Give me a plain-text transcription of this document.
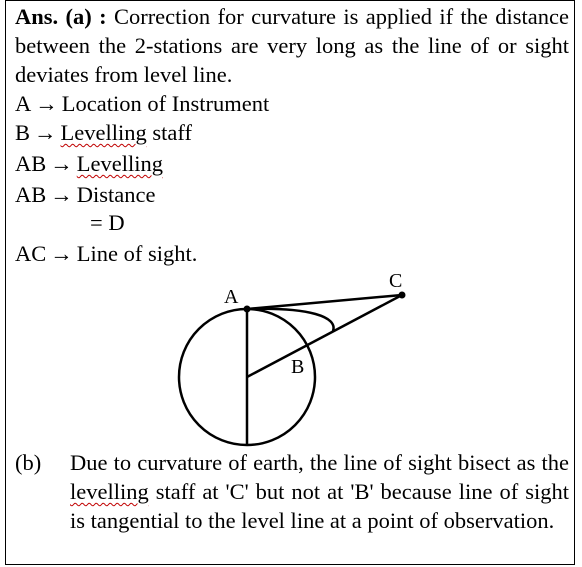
Ans. (a) : Correction for curvature is applied if the distance between the 2-stations are very long as the line of or sight deviates from level line.

A → Location of Instrument
B → Levelling staff
AB → Levelling
AB → Distance
= D
AC → Line of sight.
A
C
B
(b) Due to curvature of earth, the line of sight bisect as the levelling staff at 'C' but not at 'B' because line of sight is tangential to the level line at a point of observation.
